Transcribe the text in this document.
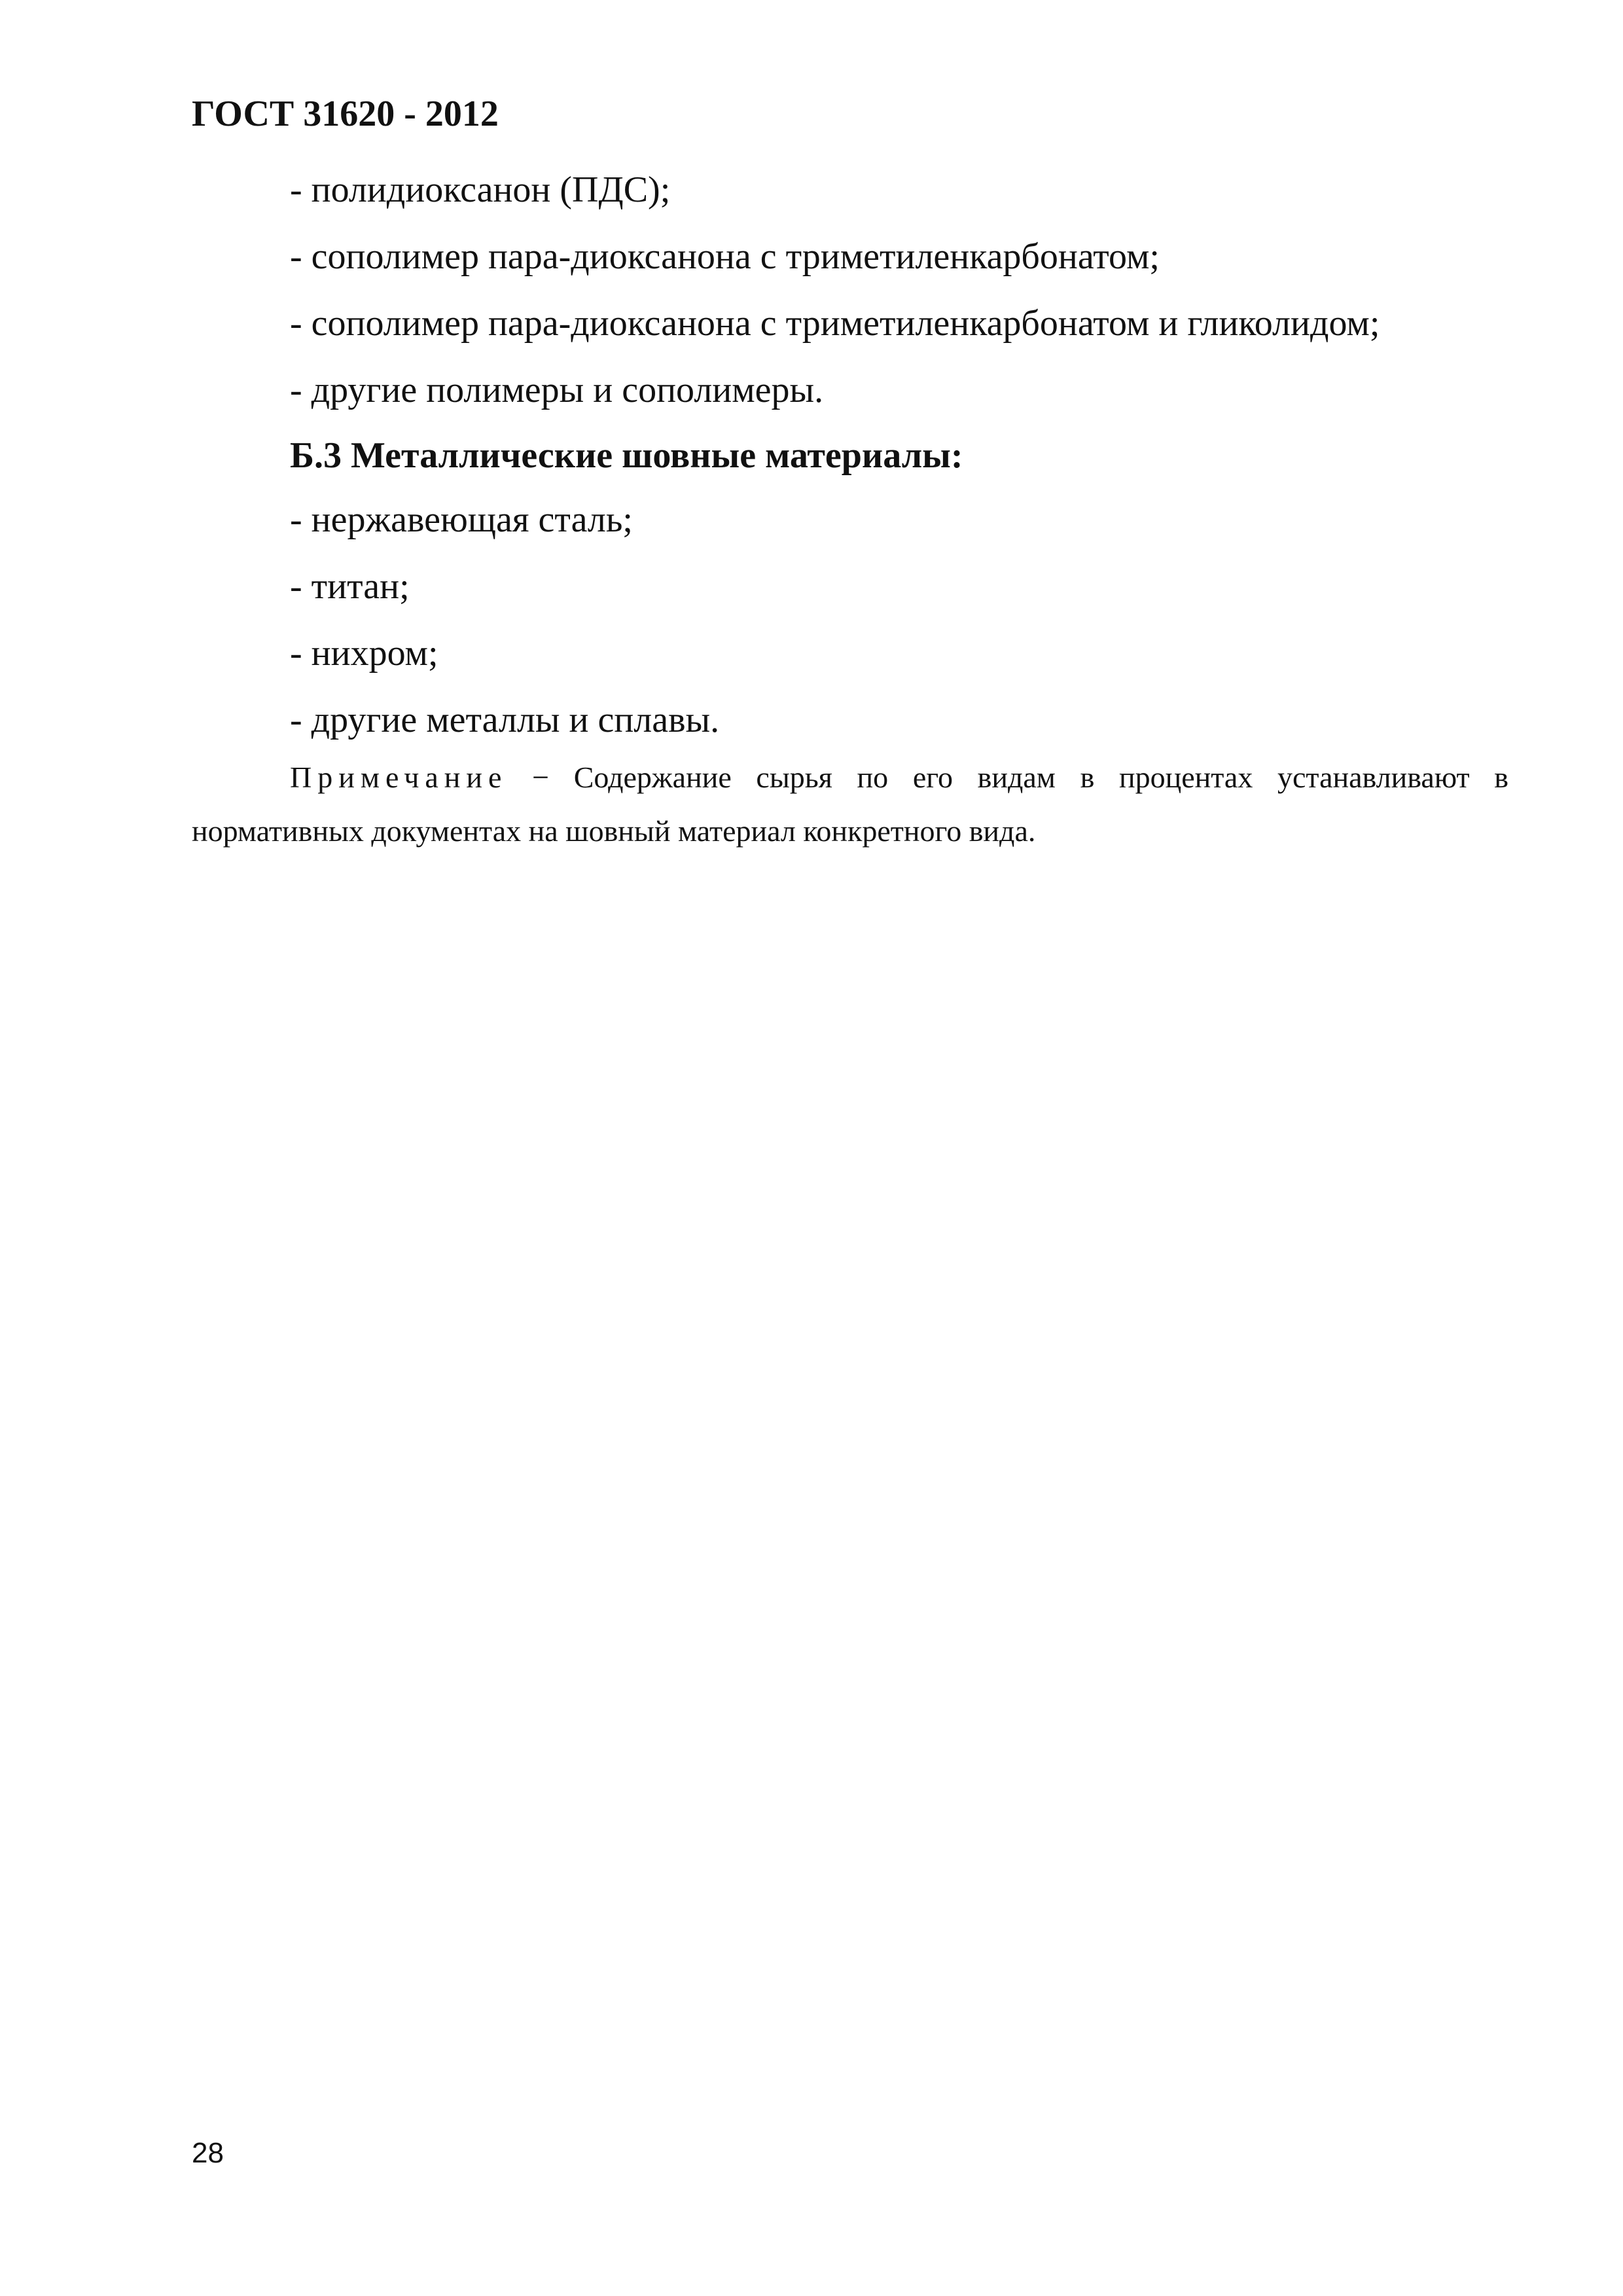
ГОСТ 31620 - 2012

- полидиоксанон (ПДС);

- сополимер пара-диоксанона с триметиленкарбонатом;

- сополимер пара-диоксанона с триметиленкарбонатом и гликолидом;

- другие полимеры и сополимеры.

Б.3 Металлические шовные материалы:

- нержавеющая сталь;

- титан;

- нихром;

- другие металлы и сплавы.

Примечание − Содержание сырья по его видам в процентах устанавливают в
нормативных документах на шовный материал конкретного вида.
28
